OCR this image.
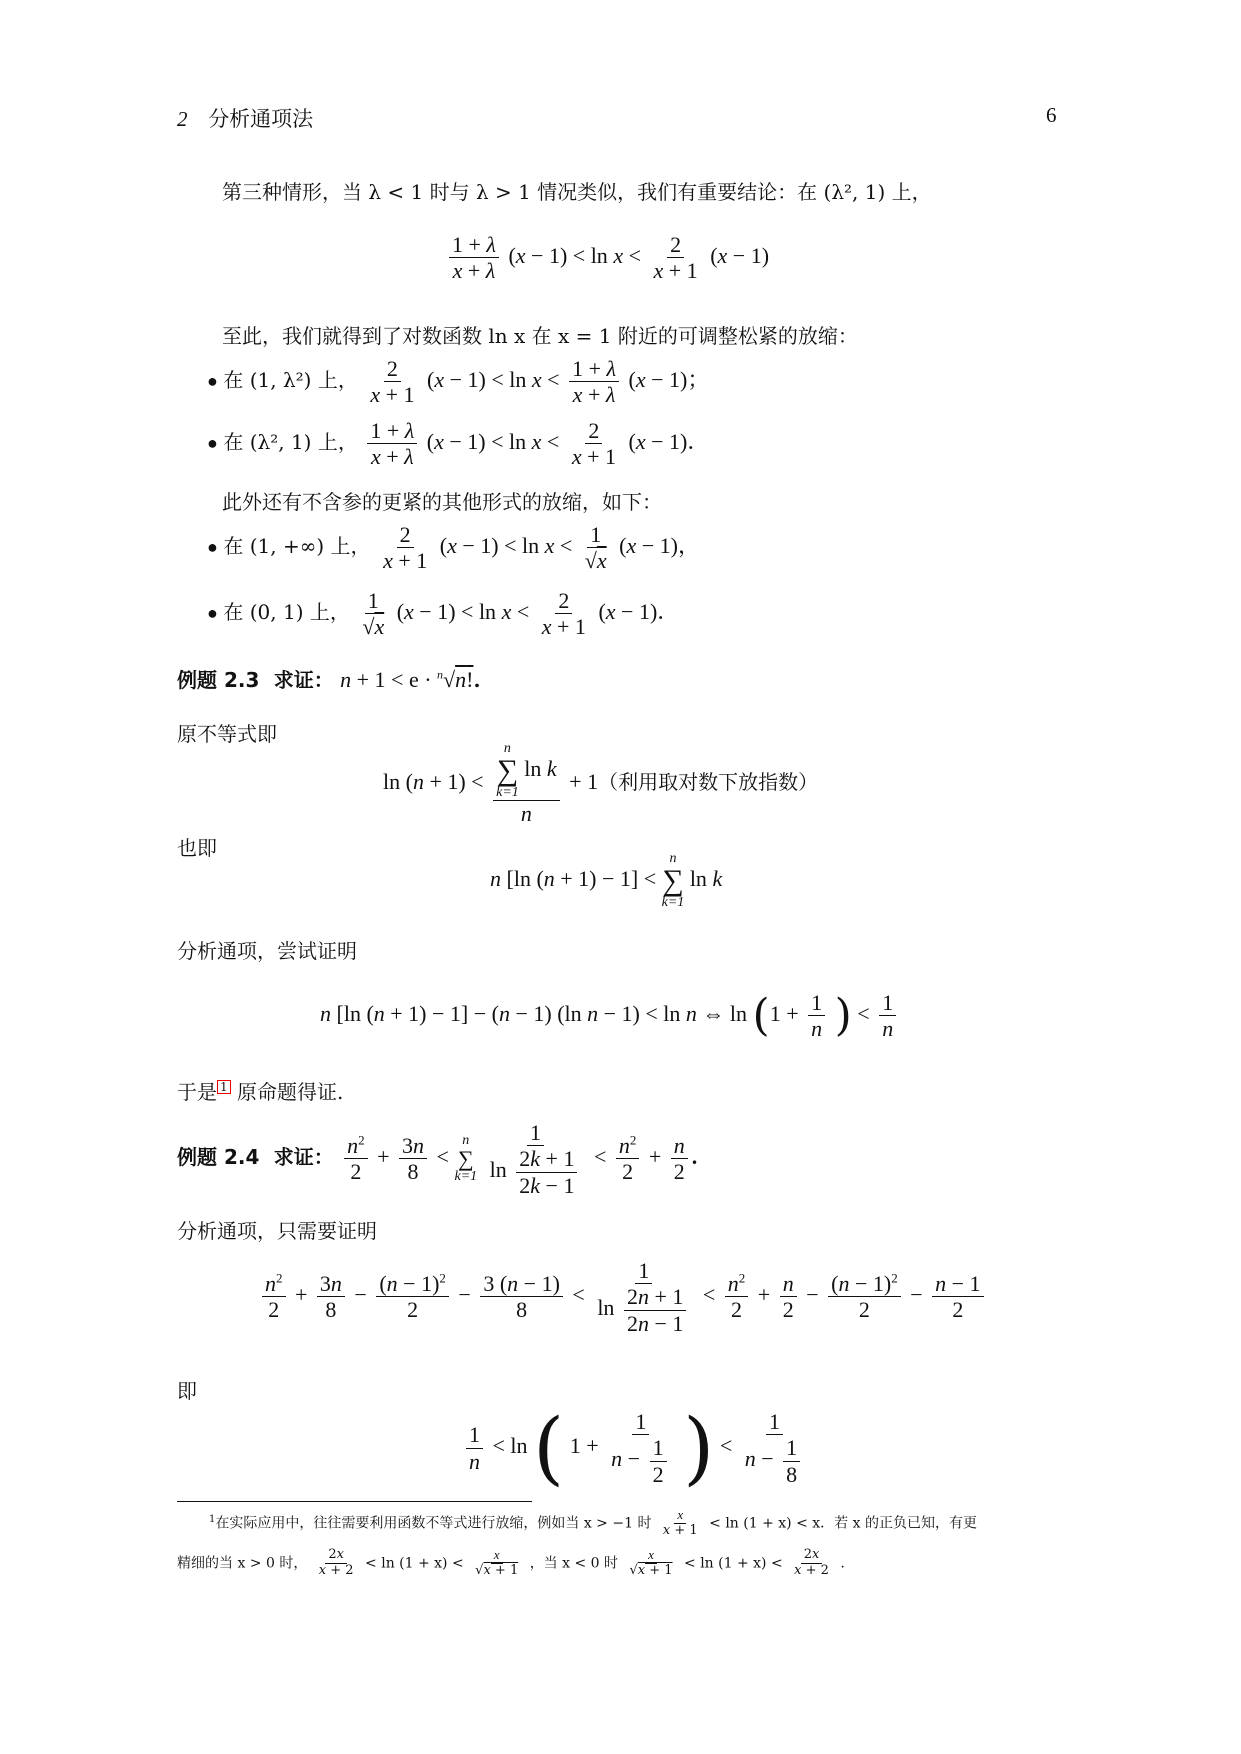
2 分析通项法	6
第三种情形，当 λ < 1 时与 λ > 1 情况类似，我们有重要结论：在 (λ², 1) 上，
$\frac{1 + \lambda}{x + \lambda} (x - 1) < \ln x < \frac{2}{x + 1} (x - 1)$
至此，我们就得到了对数函数 ln x 在 x = 1 附近的可调整松紧的放缩：
● 在 (1, λ²) 上， $\frac{2}{x + 1} (x - 1) < \ln x < \frac{1 + \lambda}{x + \lambda} (x - 1)$；
● 在 (λ², 1) 上， $\frac{1 + \lambda}{x + \lambda} (x - 1) < \ln x < \frac{2}{x + 1} (x - 1)$．
此外还有不含参的更紧的其他形式的放缩，如下：
● 在 (1, +∞) 上， $\frac{2}{x + 1} (x - 1) < \ln x < \frac{1}{√x} (x - 1)$，
● 在 (0, 1) 上， $\frac{1}{√x} (x - 1) < \ln x < \frac{2}{x + 1} (x - 1)$．
例题 2.3 求证： n + 1 < e · $^n$√n!.
原不等式即
ln (n + 1) < n
∑
k=1
ln k
n + 1（利用取对数下放指数）
也即
n [ln (n + 1) − 1] <
n
∑
k=1
ln k
分析通项，尝试证明
n [ln (n + 1) − 1] − (n − 1) (ln n − 1) < ln n ⇔ $\ln (1 + \frac{1}{n}$ ) < $\frac{1}{n}$
于是 1 原命题得证.
例题 2.4 求证： $\frac{n^2}{2} + \frac{3n}{8}$ <
n
∑
k=1
$\frac{1}{\ln \frac{2k + 1}{2k - 1}} < \frac{n^2}{2} + \frac{n}{2}$ .
分析通项，只需要证明
$\frac{n^2}{2} + \frac{3n}{8} - \frac{(n - 1)^2}{2} - \frac{3 (n - 1)}{8} < \frac{1}{\ln \frac{2n + 1}{2n - 1}} < \frac{n^2}{2} + \frac{n}{2} - \frac{(n - 1)^2}{2} - \frac{n - 1}{2}$
即
$\frac{1}{n} < \ln$ ( $1 + \frac{1}{n - \frac{1}{2}}$ ) < $\frac{1}{n - \frac{1}{8}}$
$^1$在实际应用中，往往需要利用函数不等式进行放缩，例如当 x > −1 时 $\frac{x}{x + 1} < \ln (1 + x) < x$．若 x 的正负已知，有更
精细的当 x > 0 时， $\frac{2x}{x + 2} < \ln (1 + x) < \frac{x}{√x + 1}$ ，当 x < 0 时 $\frac{x}{√x + 1} < \ln (1 + x) < \frac{2x}{x + 2}$ .
